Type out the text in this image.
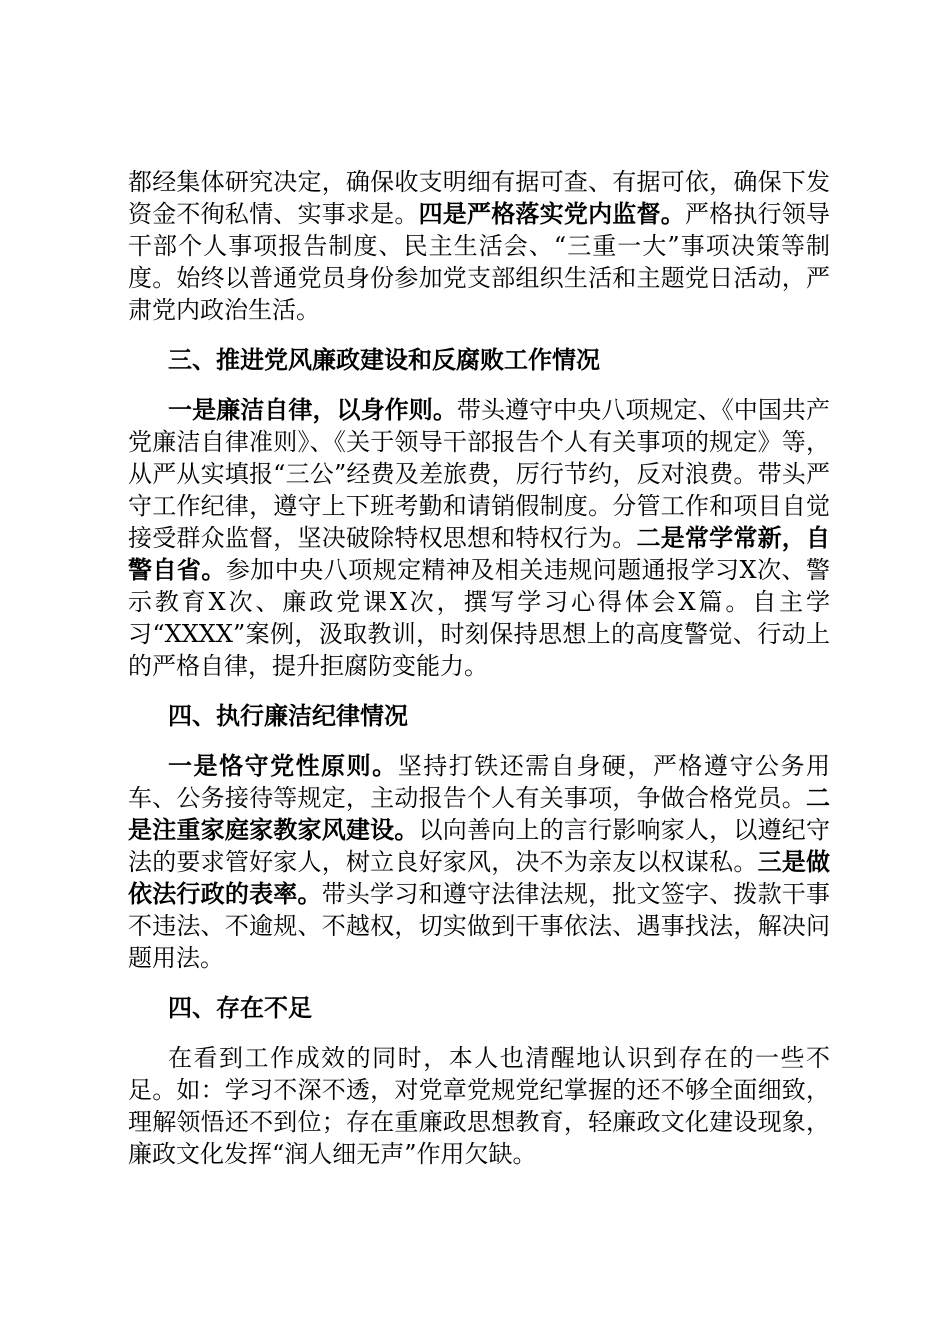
都经集体研究决定，确保收支明细有据可查、有据可依，确保下发资金不徇私情、实事求是。四是严格落实党内监督。严格执行领导干部个人事项报告制度、民主生活会、“三重一大”事项决策等制度。始终以普通党员身份参加党支部组织生活和主题党日活动，严肃党内政治生活。

三、推进党风廉政建设和反腐败工作情况

一是廉洁自律，以身作则。带头遵守中央八项规定、《中国共产党廉洁自律准则》、《关于领导干部报告个人有关事项的规定》等，从严从实填报“三公”经费及差旅费，厉行节约，反对浪费。带头严守工作纪律，遵守上下班考勤和请销假制度。分管工作和项目自觉接受群众监督，坚决破除特权思想和特权行为。二是常学常新，自警自省。参加中央八项规定精神及相关违规问题通报学习X次、警示教育X次、廉政党课X次，撰写学习心得体会X篇。自主学习“XXXX”案例，汲取教训，时刻保持思想上的高度警觉、行动上的严格自律，提升拒腐防变能力。

四、执行廉洁纪律情况

一是恪守党性原则。坚持打铁还需自身硬，严格遵守公务用车、公务接待等规定，主动报告个人有关事项，争做合格党员。二是注重家庭家教家风建设。以向善向上的言行影响家人，以遵纪守法的要求管好家人，树立良好家风，决不为亲友以权谋私。三是做依法行政的表率。带头学习和遵守法律法规，批文签字、拨款干事不违法、不逾规、不越权，切实做到干事依法、遇事找法，解决问题用法。

四、存在不足

在看到工作成效的同时，本人也清醒地认识到存在的一些不足。如：学习不深不透，对党章党规党纪掌握的还不够全面细致，理解领悟还不到位；存在重廉政思想教育，轻廉政文化建设现象，廉政文化发挥“润人细无声”作用欠缺。
